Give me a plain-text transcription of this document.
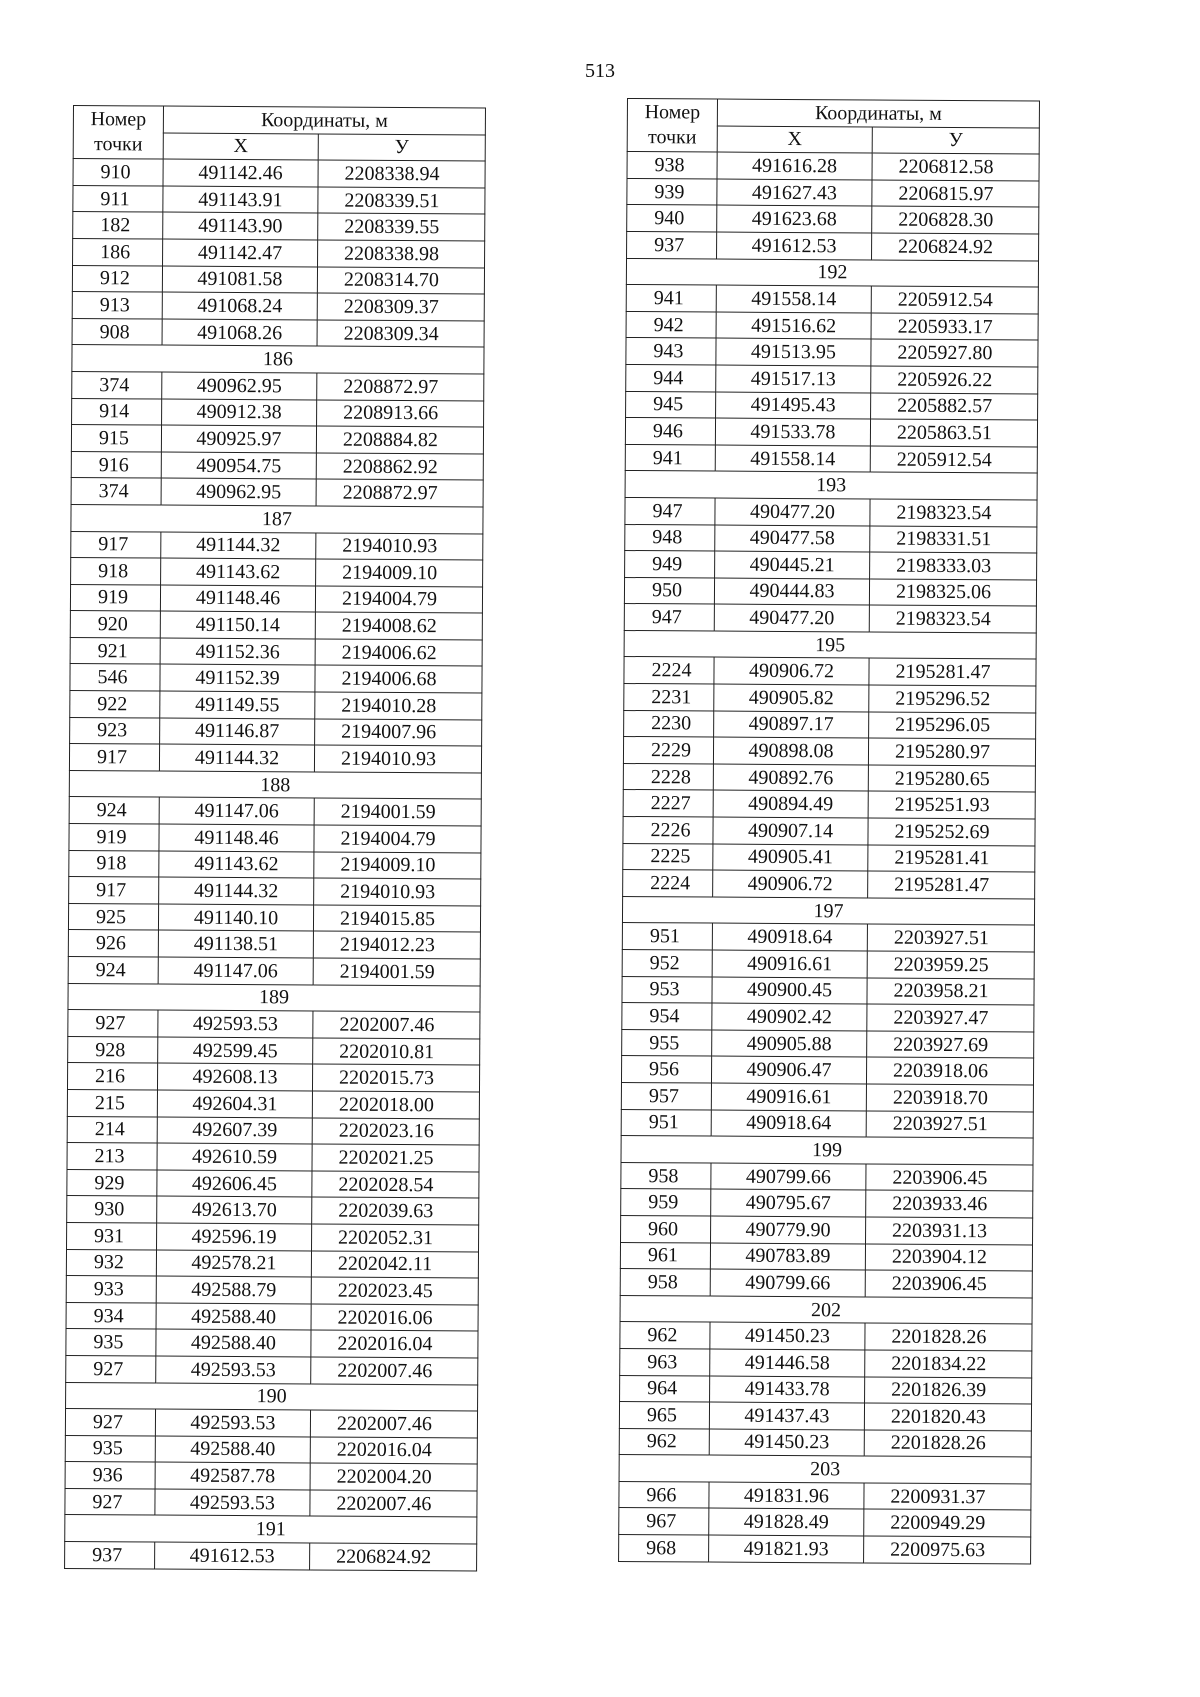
513
Номер
точки	Координаты, м	
	X	У
910	491142.46	2208338.94
911	491143.91	2208339.51
182	491143.90	2208339.55
186	491142.47	2208338.98
912	491081.58	2208314.70
913	491068.24	2208309.37
908	491068.26	2208309.34
186		
374	490962.95	2208872.97
914	490912.38	2208913.66
915	490925.97	2208884.82
916	490954.75	2208862.92
374	490962.95	2208872.97
187		
917	491144.32	2194010.93
918	491143.62	2194009.10
919	491148.46	2194004.79
920	491150.14	2194008.62
921	491152.36	2194006.62
546	491152.39	2194006.68
922	491149.55	2194010.28
923	491146.87	2194007.96
917	491144.32	2194010.93
188		
924	491147.06	2194001.59
919	491148.46	2194004.79
918	491143.62	2194009.10
917	491144.32	2194010.93
925	491140.10	2194015.85
926	491138.51	2194012.23
924	491147.06	2194001.59
189		
927	492593.53	2202007.46
928	492599.45	2202010.81
216	492608.13	2202015.73
215	492604.31	2202018.00
214	492607.39	2202023.16
213	492610.59	2202021.25
929	492606.45	2202028.54
930	492613.70	2202039.63
931	492596.19	2202052.31
932	492578.21	2202042.11
933	492588.79	2202023.45
934	492588.40	2202016.06
935	492588.40	2202016.04
927	492593.53	2202007.46
190		
927	492593.53	2202007.46
935	492588.40	2202016.04
936	492587.78	2202004.20
927	492593.53	2202007.46
191		
937	491612.53	2206824.92
Номер
точки	Координаты, м	
	X	У
938	491616.28	2206812.58
939	491627.43	2206815.97
940	491623.68	2206828.30
937	491612.53	2206824.92
192		
941	491558.14	2205912.54
942	491516.62	2205933.17
943	491513.95	2205927.80
944	491517.13	2205926.22
945	491495.43	2205882.57
946	491533.78	2205863.51
941	491558.14	2205912.54
193		
947	490477.20	2198323.54
948	490477.58	2198331.51
949	490445.21	2198333.03
950	490444.83	2198325.06
947	490477.20	2198323.54
195		
2224	490906.72	2195281.47
2231	490905.82	2195296.52
2230	490897.17	2195296.05
2229	490898.08	2195280.97
2228	490892.76	2195280.65
2227	490894.49	2195251.93
2226	490907.14	2195252.69
2225	490905.41	2195281.41
2224	490906.72	2195281.47
197		
951	490918.64	2203927.51
952	490916.61	2203959.25
953	490900.45	2203958.21
954	490902.42	2203927.47
955	490905.88	2203927.69
956	490906.47	2203918.06
957	490916.61	2203918.70
951	490918.64	2203927.51
199		
958	490799.66	2203906.45
959	490795.67	2203933.46
960	490779.90	2203931.13
961	490783.89	2203904.12
958	490799.66	2203906.45
202		
962	491450.23	2201828.26
963	491446.58	2201834.22
964	491433.78	2201826.39
965	491437.43	2201820.43
962	491450.23	2201828.26
203		
966	491831.96	2200931.37
967	491828.49	2200949.29
968	491821.93	2200975.63
